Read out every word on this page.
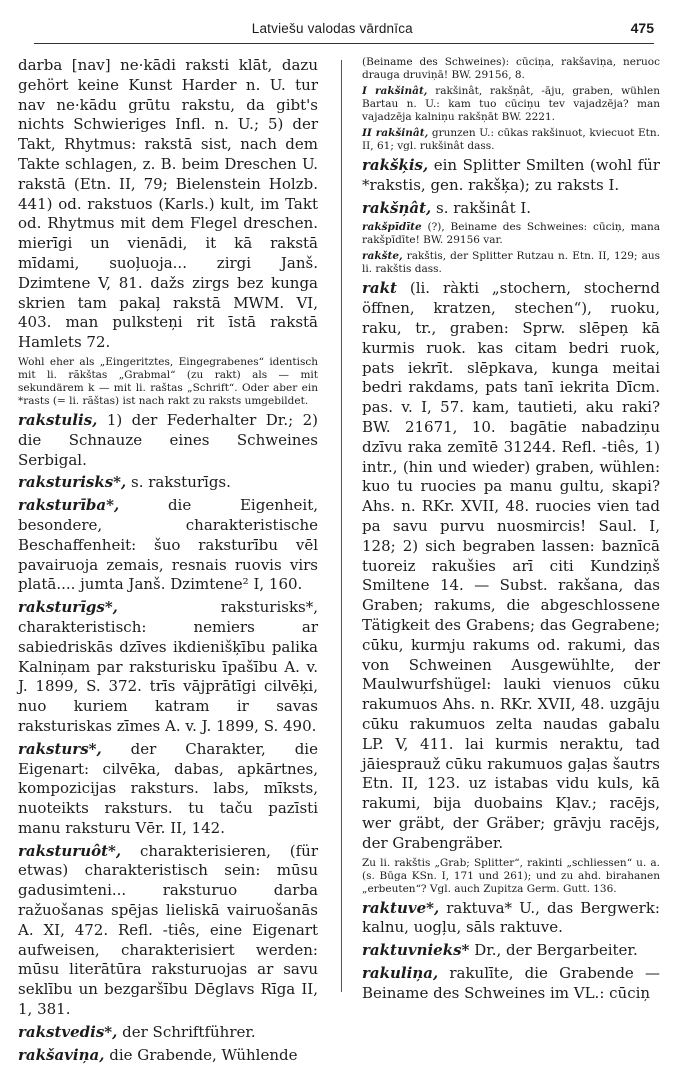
Latviešu valodas vārdnīca	475

darba [nav] ne·kādi raksti klāt, dazu gehört keine Kunst Harder n. U. tur nav ne·kādu grūtu rakstu, da gibt's nichts Schwieriges Infl. n. U.; 5) der Takt, Rhytmus: rakstā sist, nach dem Takte schlagen, z. B. beim Dreschen U. rakstā (Etn. II, 79; Bielenstein Holzb. 441) od. rakstuos (Karls.) kult, im Takt od. Rhytmus mit dem Flegel dreschen. mierīgi un vienādi, it kā rakstā mīdami, suoļuoja... zirgi Janš. Dzimtene V, 81. dažs zirgs bez kunga skrien tam pakaļ rakstā MWM. VI, 403. man pulksteņi rit īstā rakstā Hamlets 72.

Wohl eher als „Eingeritztes, Eingegrabenes“ identisch mit li. rãkštas „Grabmal“ (zu rakt) als — mit sekundärem k — mit li. raštas „Schrift“. Oder aber ein *rasts (= li. rãštas) ist nach rakt zu raksts umgebildet.

rakstulis, 1) der Federhalter Dr.; 2) die Schnauze eines Schweines Serbigal.

raksturisks*, s. raksturīgs.

raksturība*,	die Eigenheit, besondere, charakteristische Beschaffenheit: šuo raksturību vēl pavairuoja zemais, resnais ruovis virs platā.... jumta Janš. Dzimtene² I, 160.

raksturīgs*,	raksturisks*, charakteristisch: nemiers ar sabiedriskās dzīves ikdienišķību palika Kalniņam par raksturisku īpašību A. v. J. 1899, S. 372. trīs vājprātīgi cilvēķi, nuo kuriem katram ir savas raksturiskas zīmes A. v. J. 1899, S. 490.

raksturs*, der Charakter, die Eigenart: cilvēka, dabas, apkārtnes, kompozicijas raksturs. labs, mīksts, nuoteikts raksturs. tu taču pazīsti manu raksturu Vēr. II, 142.

raksturuôt*, charakterisieren, (für etwas) charakteristisch sein: mūsu gadusimteni... raksturuo darba ražuošanas spējas lieliskā vairuošanās A. XI, 472. Refl. -tiês, eine Eigenart aufweisen, charakterisiert werden: mūsu literātūra raksturuojas ar savu seklību un bezgaršību Dēglavs Rīga II, 1, 381.

rakstvedis*, der Schriftführer.

rakšaviņa, die Grabende, Wühlende

(Beiname des Schweines): cūciņa, rakšaviņa, neruoc drauga druviņā! BW. 29156, 8.

I rakšinât, rakšinât, rakšņât, -āju, graben, wühlen Bartau n. U.: kam tuo cūciņu tev vajadzēja? man vajadzēja kalniņu rakšņāt BW. 2221.

II rakšinât, grunzen U.: cūkas rakšinuot, kviecuot Etn. II, 61; vgl. rukšinât dass.

rakšķis, ein Splitter Smilten (wohl für *rakstis, gen. rakšķa); zu raksts I.

rakšņât, s. rakšinât I.

rakšpīdīte (?), Beiname des Schweines: cūciņ, mana rakšpīdīte! BW. 29156 var.

rakšte, rakštis, der Splitter Rutzau n. Etn. II, 129; aus li. rakštis dass.

rakt (li. ràkti „stochern, stochernd öffnen, kratzen, stechen“), ruoku, raku, tr., graben: Sprw. slēpeņ kā kurmis ruok. kas citam bedri ruok, pats iekrīt. slēpkava, kunga meitai bedri rakdams, pats tanī iekrita Dīcm. pas. v. I, 57. kam, tautieti, aku raki? BW. 21671, 10. bagātie nabadziņu dzīvu raka zemītē 31244. Refl. -tiês, 1) intr., (hin und wieder) graben, wühlen: kuo tu ruocies pa manu gultu, skapi? Ahs. n. RKr. XVII, 48. ruocies vien tad pa savu purvu nuosmircis! Saul. I, 128; 2) sich begraben lassen: baznīcā tuoreiz rakušies arī citi Kundziņš Smiltene 14. — Subst. rakšana, das Graben; rakums, die abgeschlossene Tätigkeit des Grabens; das Gegrabene; cūku, kurmju rakums od. rakumi, das von Schweinen Ausgewühlte, der Maulwurfshügel: lauki vienuos cūku rakumuos Ahs. n. RKr. XVII, 48. uzgāju cūku rakumuos zelta naudas gabalu LP. V, 411. lai kurmis neraktu, tad jāiesprauž cūku rakumuos gaļas šautrs Etn. II, 123. uz istabas vidu kuls, kā rakumi, bija duobains Kļav.; racējs, wer gräbt, der Gräber; grāvju racējs, der Grabengräber.

Zu li. rakštis „Grab; Splitter“, rakinti „schliessen“ u. a. (s. Būga KSn. I, 171 und 261); und zu ahd. birahanen „erbeuten“? Vgl. auch Zupitza Germ. Gutt. 136.

raktuve*, raktuva* U., das Bergwerk: kalnu, uogļu, sāls raktuve.

raktuvnieks* Dr., der Bergarbeiter.

rakuliņa, rakulīte, die Grabende — Beiname des Schweines im VL.: cūciņ
